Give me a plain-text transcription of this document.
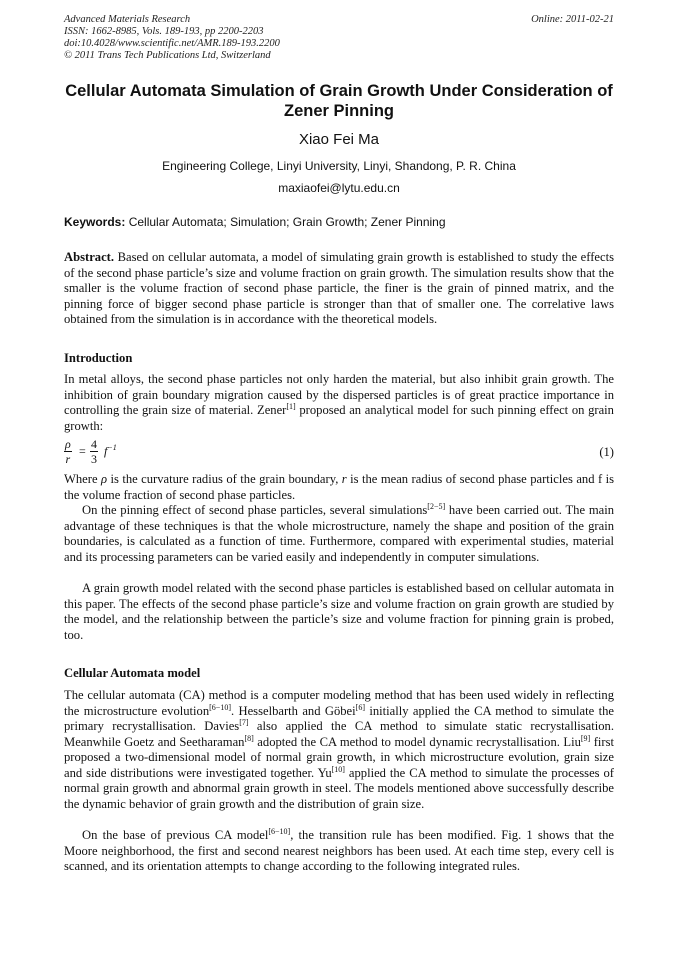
Advanced Materials Research
ISSN: 1662-8985, Vols. 189-193, pp 2200-2203
doi:10.4028/www.scientific.net/AMR.189-193.2200
© 2011 Trans Tech Publications Ltd, Switzerland
Online: 2011-02-21
Cellular Automata Simulation of Grain Growth Under Consideration of Zener Pinning
Xiao Fei Ma
Engineering College, Linyi University, Linyi, Shandong, P. R. China
maxiaofei@lytu.edu.cn
Keywords: Cellular Automata; Simulation; Grain Growth; Zener Pinning

Abstract. Based on cellular automata, a model of simulating grain growth is established to study the effects of the second phase particle’s size and volume fraction on grain growth. The simulation results show that the smaller is the volume fraction of second phase particle, the finer is the grain of pinned matrix, and the pinning force of bigger second phase particle is stronger than that of smaller one. The correlative laws obtained from the simulation is in accordance with the theoretical models.

Introduction

In metal alloys, the second phase particles not only harden the material, but also inhibit grain growth. The inhibition of grain boundary migration caused by the dispersed particles is of great practice importance in controlling the grain size of material. Zener[1] proposed an analytical model for such pinning effect on grain growth:

$\frac{\rho}{r} = \frac{4}{3} f^{-1}$	(1)

Where ρ is the curvature radius of the grain boundary, r is the mean radius of second phase particles and f is the volume fraction of second phase particles.

On the pinning effect of second phase particles, several simulations[2−5] have been carried out. The main advantage of these techniques is that the whole microstructure, namely the shape and position of the grain boundaries, is calculated as a function of time. Furthermore, compared with experimental studies, material and its processing parameters can be varied easily and independently in computer simulations.

A grain growth model related with the second phase particles is established based on cellular automata in this paper. The effects of the second phase particle’s size and volume fraction on grain growth are studied by the model, and the relationship between the particle’s size and volume fraction for pinning grain is probed, too.

Cellular Automata model

The cellular automata (CA) method is a computer modeling method that has been used widely in reflecting the microstructure evolution[6−10]. Hesselbarth and Göbei[6] initially applied the CA method to simulate the primary recrystallisation. Davies[7] also applied the CA method to simulate static recrystallisation. Meanwhile Goetz and Seetharaman[8] adopted the CA method to model dynamic recrystallisation. Liu[9] first proposed a two-dimensional model of normal grain growth, in which microstructure evolution, grain size and side distributions were investigated together. Yu[10] applied the CA method to simulate the processes of normal grain growth and abnormal grain growth in steel. The models mentioned above successfully describe the dynamic behavior of grain growth and the distribution of grain size.

On the base of previous CA model[6−10], the transition rule has been modified. Fig. 1 shows that the Moore neighborhood, the first and second nearest neighbors has been used. At each time step, every cell is scanned, and its orientation attempts to change according to the following integrated rules.
